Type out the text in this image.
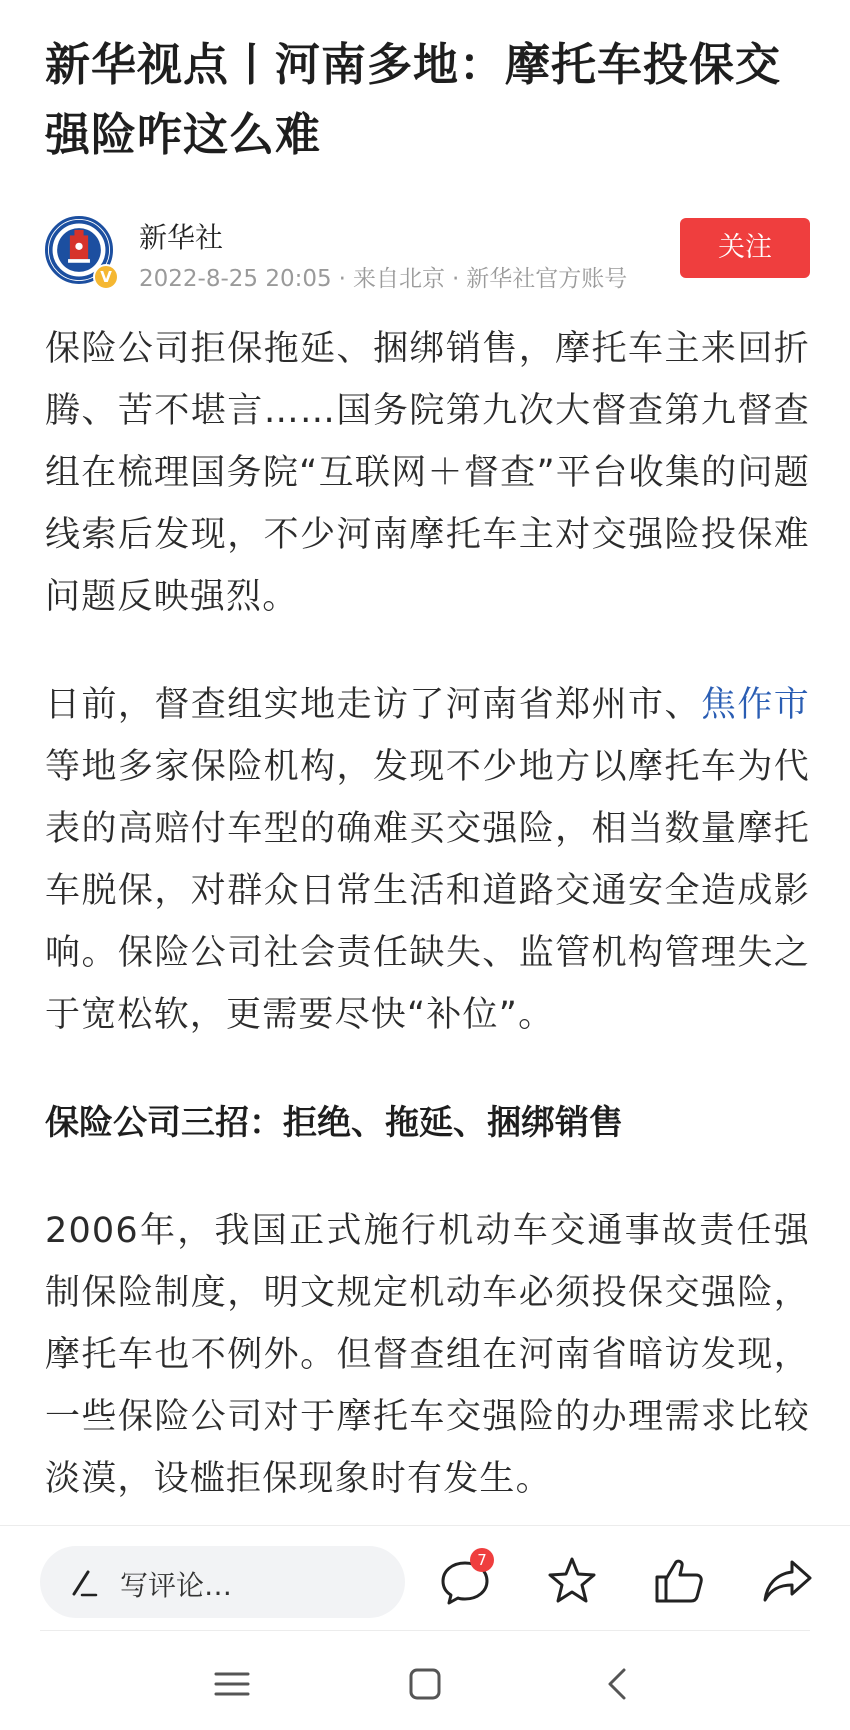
新华视点丨河南多地：摩托车投保交
强险咋这么难
V
新华社
2022-8-25 20:05 · 来自北京 · 新华社官方账号
关注

保险公司拒保拖延、捆绑销售，摩托车主来回折腾、苦不堪言……国务院第九次大督查第九督查组在梳理国务院“互联网＋督查”平台收集的问题线索后发现，不少河南摩托车主对交强险投保难问题反映强烈。

日前，督查组实地走访了河南省郑州市、焦作市等地多家保险机构，发现不少地方以摩托车为代表的高赔付车型的确难买交强险，相当数量摩托车脱保，对群众日常生活和道路交通安全造成影响。保险公司社会责任缺失、监管机构管理失之于宽松软，更需要尽快“补位”。

保险公司三招：拒绝、拖延、捆绑销售

2006年，我国正式施行机动车交通事故责任强制保险制度，明文规定机动车必须投保交强险，摩托车也不例外。但督查组在河南省暗访发现，一些保险公司对于摩托车交强险的办理需求比较淡漠，设槛拒保现象时有发生。

写评论…
7
